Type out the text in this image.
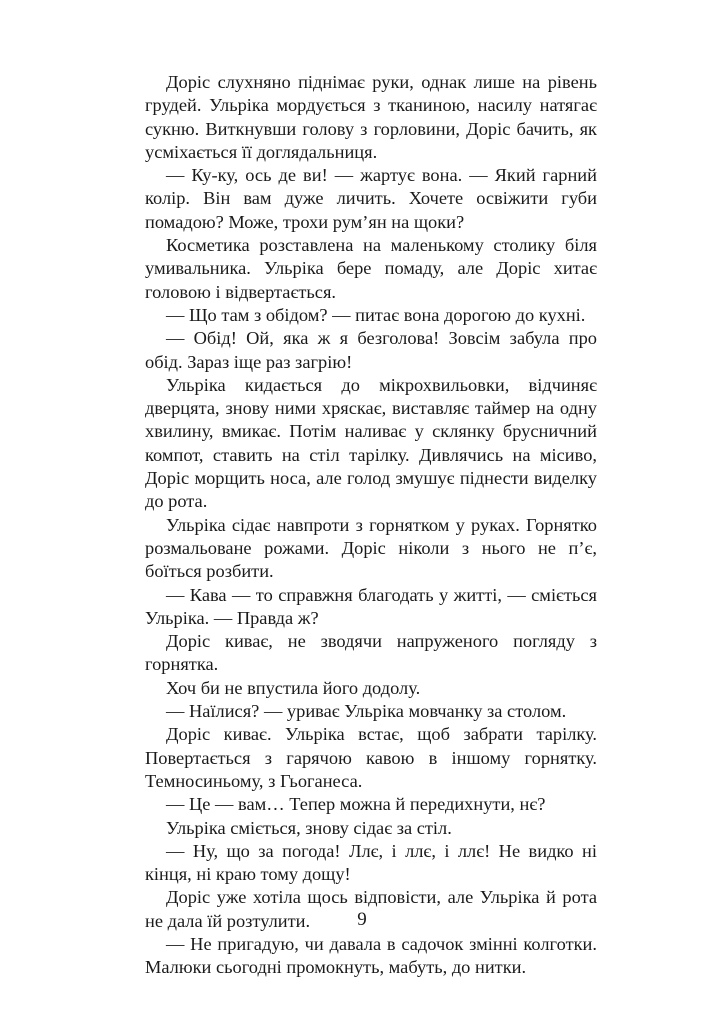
Доріс слухняно піднімає руки, однак лише на рівень грудей. Ульріка мордується з тканиною, насилу натягає сукню. Виткнувши голову з горловини, Доріс бачить, як усміхається її доглядальниця.

— Ку-ку, ось де ви! — жартує вона. — Який гарний колір. Він вам дуже личить. Хочете освіжити губи помадою? Може, трохи рум’ян на щоки?

Косметика розставлена на маленькому столику біля умивальника. Ульріка бере помаду, але Доріс хитає головою і відвертається.

— Що там з обідом? — питає вона дорогою до кухні.

— Обід! Ой, яка ж я безголова! Зовсім забула про обід. Зараз іще раз загрію!

Ульріка кидається до мікрохвильовки, відчиняє дверцята, знову ними хряскає, виставляє таймер на одну хвилину, вмикає. Потім наливає у склянку брусничний компот, ставить на стіл тарілку. Дивлячись на місиво, Доріс морщить носа, але голод змушує піднести виделку до рота.

Ульріка сідає навпроти з горнятком у руках. Горнятко розмальоване рожами. Доріс ніколи з нього не п’є, боїться розбити.

— Кава — то справжня благодать у житті, — сміється Ульріка. — Правда ж?

Доріс киває, не зводячи напруженого погляду з горнятка.

Хоч би не впустила його додолу.

— Наїлися? — уриває Ульріка мовчанку за столом.

Доріс киває. Ульріка встає, щоб забрати тарілку. Повертається з гарячою кавою в іншому горнятку. Темносиньому, з Гьоганеса.

— Це — вам… Тепер можна й передихнути, нє?

Ульріка сміється, знову сідає за стіл.

— Ну, що за погода! Ллє, і ллє, і ллє! Не видко ні кінця, ні краю тому дощу!

Доріс уже хотіла щось відповісти, але Ульріка й рота не дала їй розтулити.

— Не пригадую, чи давала в садочок змінні колготки. Малюки сьогодні промокнуть, мабуть, до нитки.

9
